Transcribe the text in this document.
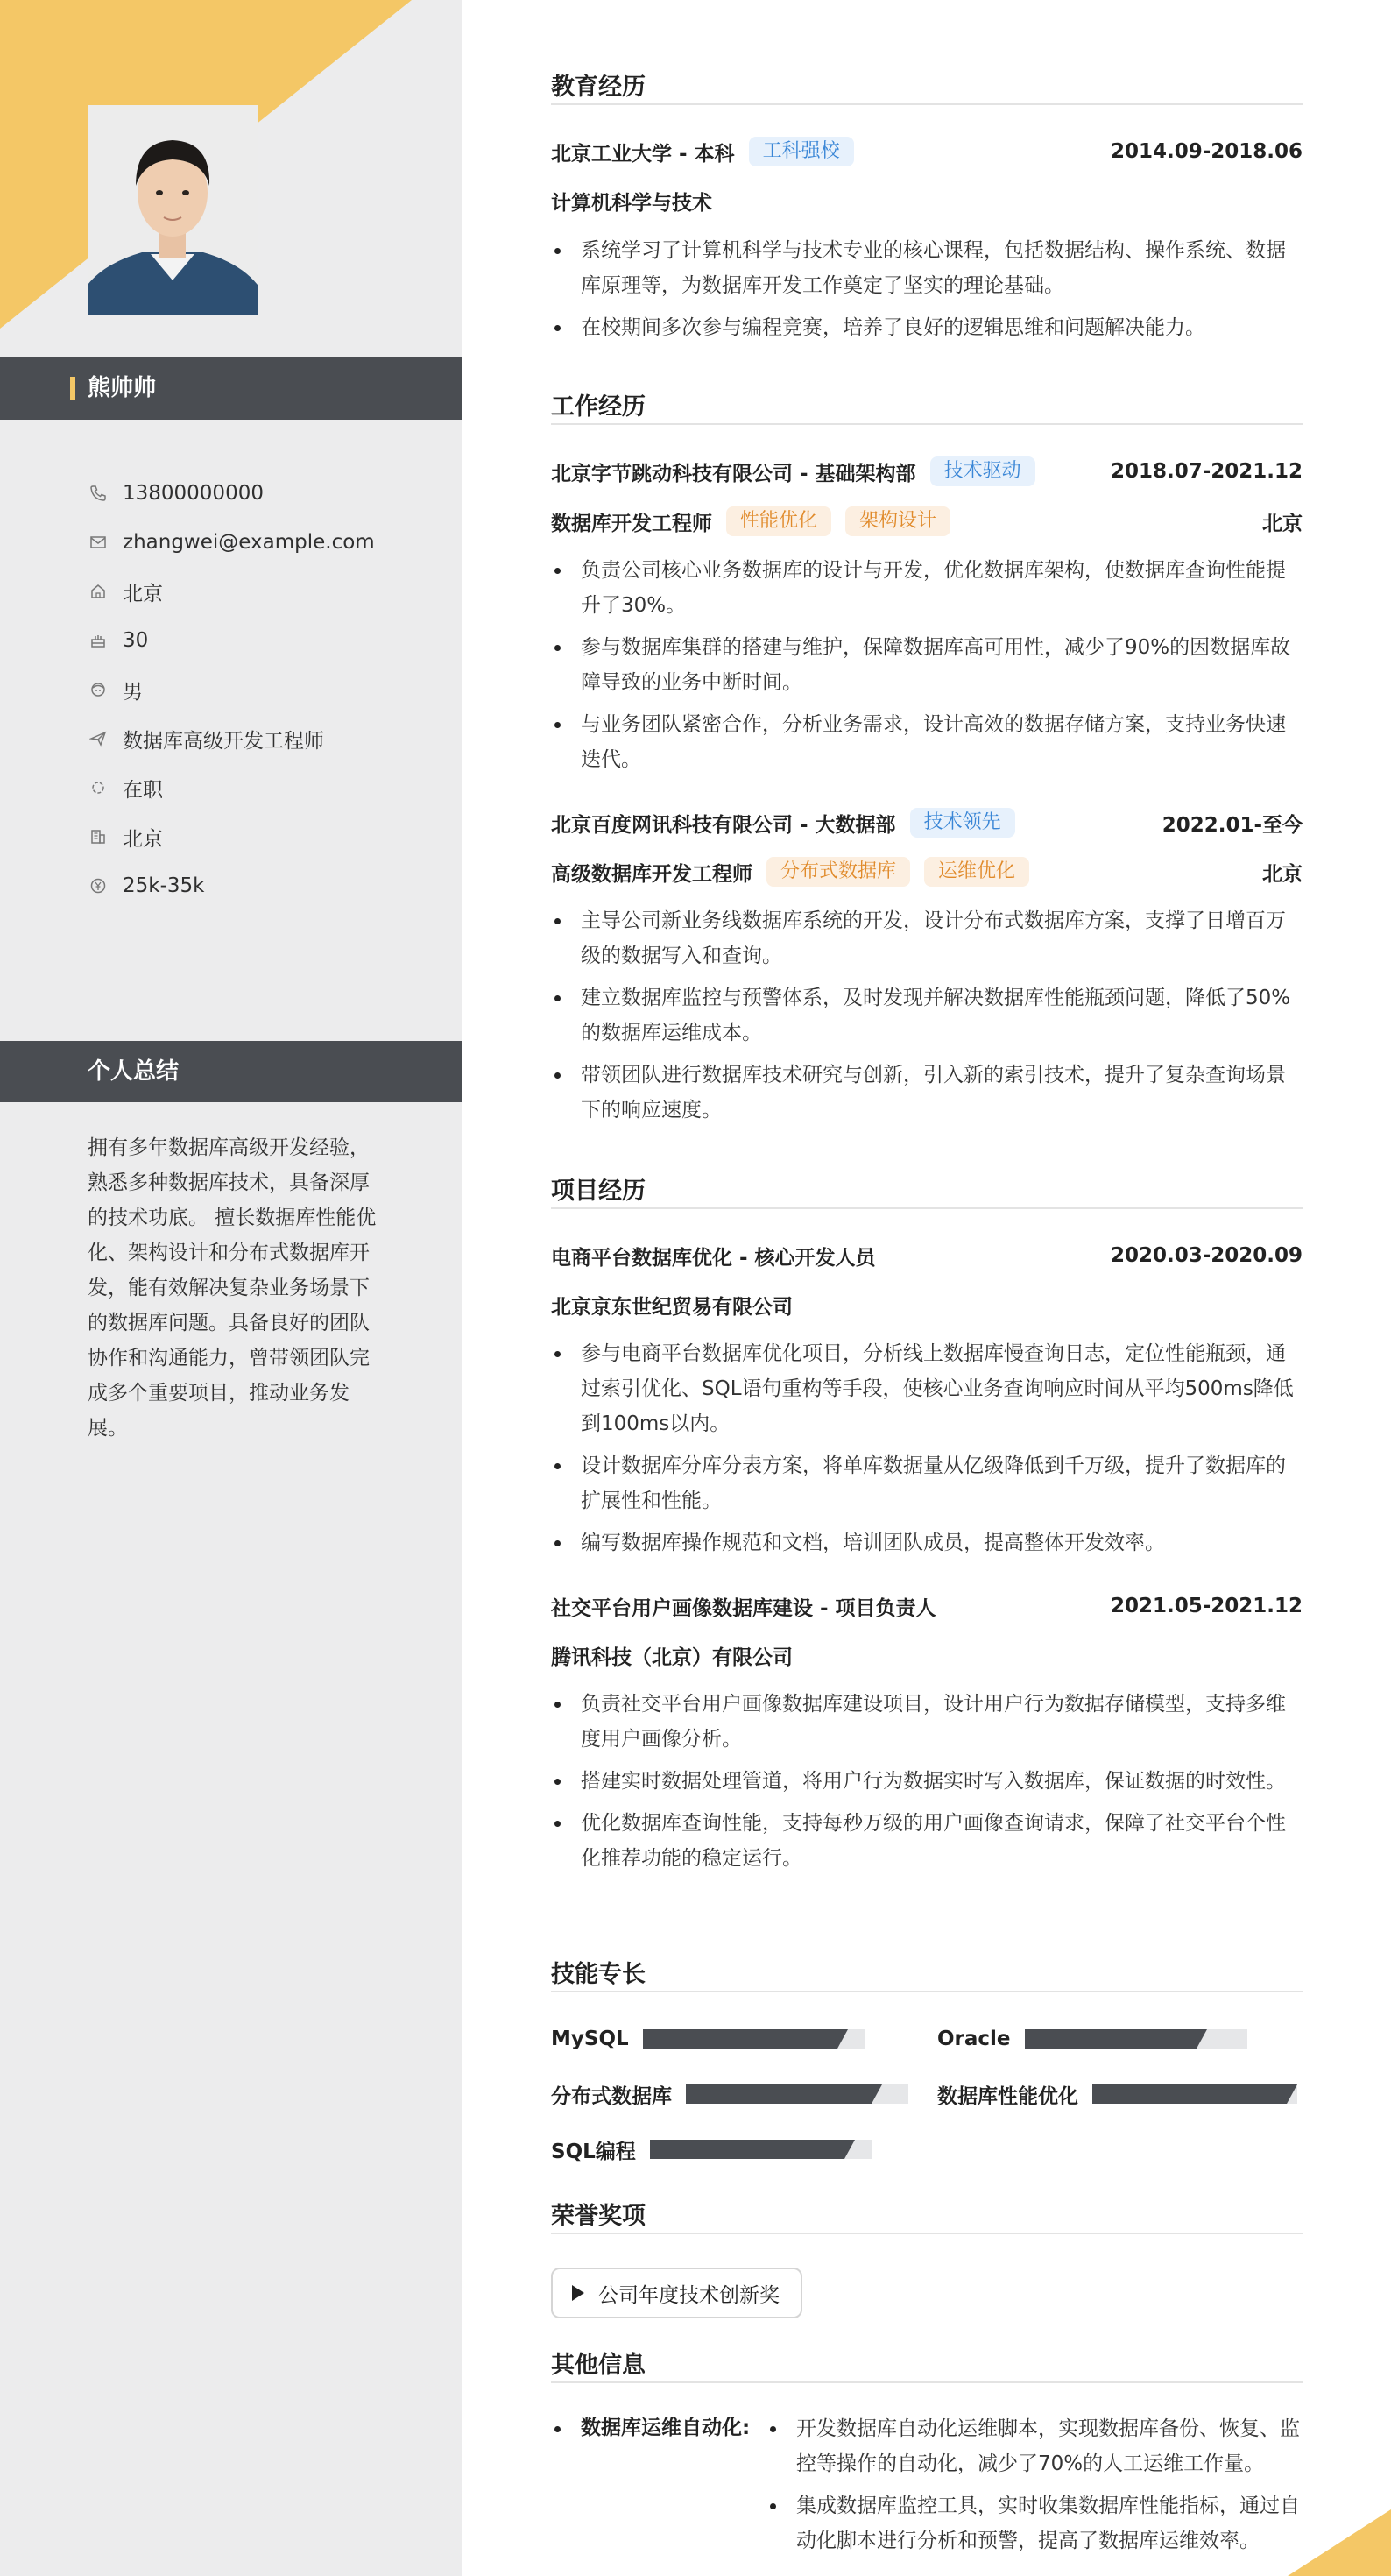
熊帅帅
13800000000
zhangwei@example.com
北京
30
男
数据库高级开发工程师
在职
北京
25k-35k
个人总结
拥有多年数据库高级开发经验，熟悉多种数据库技术，具备深厚的技术功底。 擅长数据库性能优化、架构设计和分布式数据库开发，能有效解决复杂业务场景下的数据库问题。具备良好的团队协作和沟通能力，曾带领团队完成多个重要项目，推动业务发展。
教育经历
北京工业大学 - 本科	工科强校	2014.09-2018.06
计算机科学与技术
系统学习了计算机科学与技术专业的核心课程，包括数据结构、操作系统、数据库原理等，为数据库开发工作奠定了坚实的理论基础。
在校期间多次参与编程竞赛，培养了良好的逻辑思维和问题解决能力。
工作经历
北京字节跳动科技有限公司 - 基础架构部	技术驱动	2018.07-2021.12
数据库开发工程师	性能优化	架构设计	北京
负责公司核心业务数据库的设计与开发，优化数据库架构，使数据库查询性能提升了30%。
参与数据库集群的搭建与维护，保障数据库高可用性，减少了90%的因数据库故障导致的业务中断时间。
与业务团队紧密合作，分析业务需求，设计高效的数据存储方案，支持业务快速迭代。
北京百度网讯科技有限公司 - 大数据部	技术领先	2022.01-至今
高级数据库开发工程师	分布式数据库	运维优化	北京
主导公司新业务线数据库系统的开发，设计分布式数据库方案，支撑了日增百万级的数据写入和查询。
建立数据库监控与预警体系，及时发现并解决数据库性能瓶颈问题，降低了50%的数据库运维成本。
带领团队进行数据库技术研究与创新，引入新的索引技术，提升了复杂查询场景下的响应速度。
项目经历
电商平台数据库优化 - 核心开发人员	2020.03-2020.09
北京京东世纪贸易有限公司
参与电商平台数据库优化项目，分析线上数据库慢查询日志，定位性能瓶颈，通过索引优化、SQL语句重构等手段，使核心业务查询响应时间从平均500ms降低到100ms以内。
设计数据库分库分表方案，将单库数据量从亿级降低到千万级，提升了数据库的扩展性和性能。
编写数据库操作规范和文档，培训团队成员，提高整体开发效率。
社交平台用户画像数据库建设 - 项目负责人	2021.05-2021.12
腾讯科技（北京）有限公司
负责社交平台用户画像数据库建设项目，设计用户行为数据存储模型，支持多维度用户画像分析。
搭建实时数据处理管道，将用户行为数据实时写入数据库，保证数据的时效性。
优化数据库查询性能，支持每秒万级的用户画像查询请求，保障了社交平台个性化推荐功能的稳定运行。
技能专长
MySQL	Oracle
分布式数据库	数据库性能优化
SQL编程
荣誉奖项
公司年度技术创新奖
其他信息
数据库运维自动化:	开发数据库自动化运维脚本，实现数据库备份、恢复、监控等操作的自动化，减少了70%的人工运维工作量。
集成数据库监控工具，实时收集数据库性能指标，通过自动化脚本进行分析和预警，提高了数据库运维效率。
